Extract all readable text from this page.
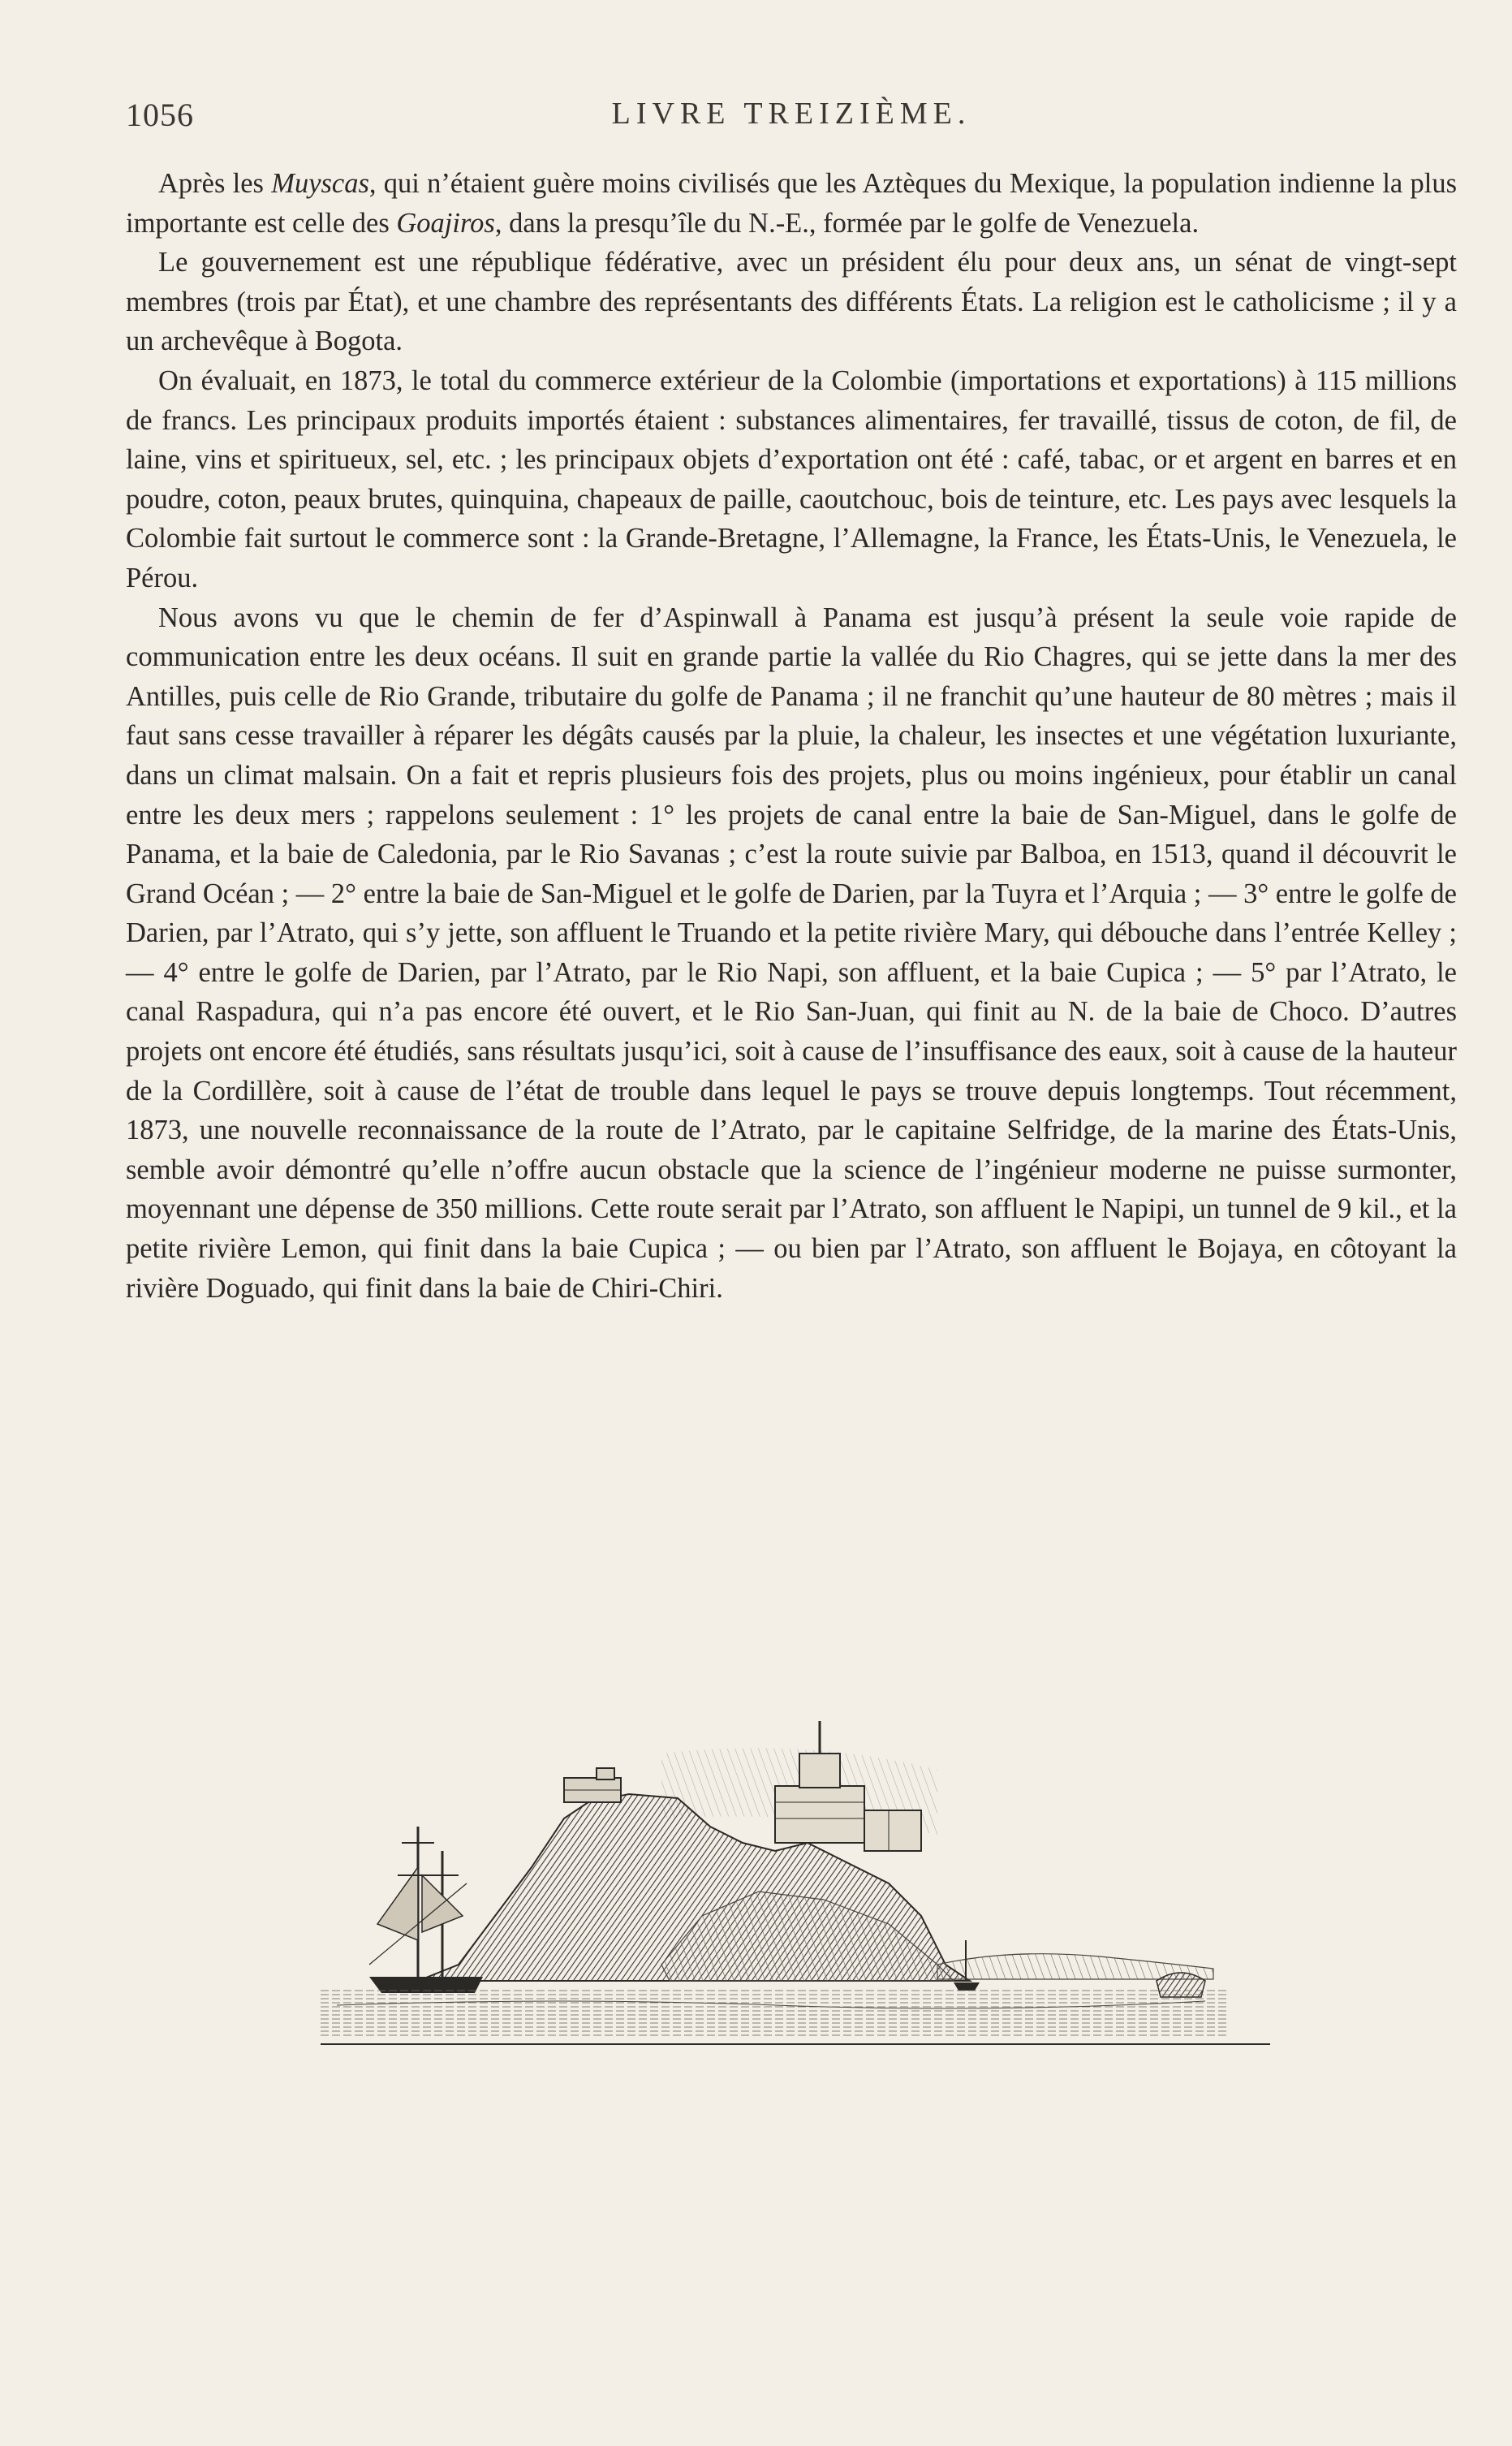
1056	LIVRE TREIZIÈME.

Après les Muyscas, qui n’étaient guère moins civilisés que les Aztèques du Mexique, la population indienne la plus importante est celle des Goajiros, dans la presqu’île du N.-E., formée par le golfe de Venezuela.

Le gouvernement est une république fédérative, avec un président élu pour deux ans, un sénat de vingt-sept membres (trois par État), et une chambre des représentants des différents États. La religion est le catholicisme ; il y a un archevêque à Bogota.

On évaluait, en 1873, le total du commerce extérieur de la Colombie (importations et exportations) à 115 millions de francs. Les principaux produits importés étaient : substances alimentaires, fer travaillé, tissus de coton, de fil, de laine, vins et spiritueux, sel, etc. ; les principaux objets d’exportation ont été : café, tabac, or et argent en barres et en poudre, coton, peaux brutes, quinquina, chapeaux de paille, caoutchouc, bois de teinture, etc. Les pays avec lesquels la Colombie fait surtout le commerce sont : la Grande-Bretagne, l’Allemagne, la France, les États-Unis, le Venezuela, le Pérou.

Nous avons vu que le chemin de fer d’Aspinwall à Panama est jusqu’à présent la seule voie rapide de communication entre les deux océans. Il suit en grande partie la vallée du Rio Chagres, qui se jette dans la mer des Antilles, puis celle de Rio Grande, tributaire du golfe de Panama ; il ne franchit qu’une hauteur de 80 mètres ; mais il faut sans cesse travailler à réparer les dégâts causés par la pluie, la chaleur, les insectes et une végétation luxuriante, dans un climat malsain. On a fait et repris plusieurs fois des projets, plus ou moins ingénieux, pour établir un canal entre les deux mers ; rappelons seulement : 1° les projets de canal entre la baie de San-Miguel, dans le golfe de Panama, et la baie de Caledonia, par le Rio Savanas ; c’est la route suivie par Balboa, en 1513, quand il découvrit le Grand Océan ; — 2° entre la baie de San-Miguel et le golfe de Darien, par la Tuyra et l’Arquia ; — 3° entre le golfe de Darien, par l’Atrato, qui s’y jette, son affluent le Truando et la petite rivière Mary, qui débouche dans l’entrée Kelley ; — 4° entre le golfe de Darien, par l’Atrato, par le Rio Napi, son affluent, et la baie Cupica ; — 5° par l’Atrato, le canal Raspadura, qui n’a pas encore été ouvert, et le Rio San-Juan, qui finit au N. de la baie de Choco. D’autres projets ont encore été étudiés, sans résultats jusqu’ici, soit à cause de l’insuffisance des eaux, soit à cause de la hauteur de la Cordillère, soit à cause de l’état de trouble dans lequel le pays se trouve depuis longtemps. Tout récemment, 1873, une nouvelle reconnaissance de la route de l’Atrato, par le capitaine Selfridge, de la marine des États-Unis, semble avoir démontré qu’elle n’offre aucun obstacle que la science de l’ingénieur moderne ne puisse surmonter, moyennant une dépense de 350 millions. Cette route serait par l’Atrato, son affluent le Napipi, un tunnel de 9 kil., et la petite rivière Lemon, qui finit dans la baie Cupica ; — ou bien par l’Atrato, son affluent le Bojaya, en côtoyant la rivière Doguado, qui finit dans la baie de Chiri-Chiri.
